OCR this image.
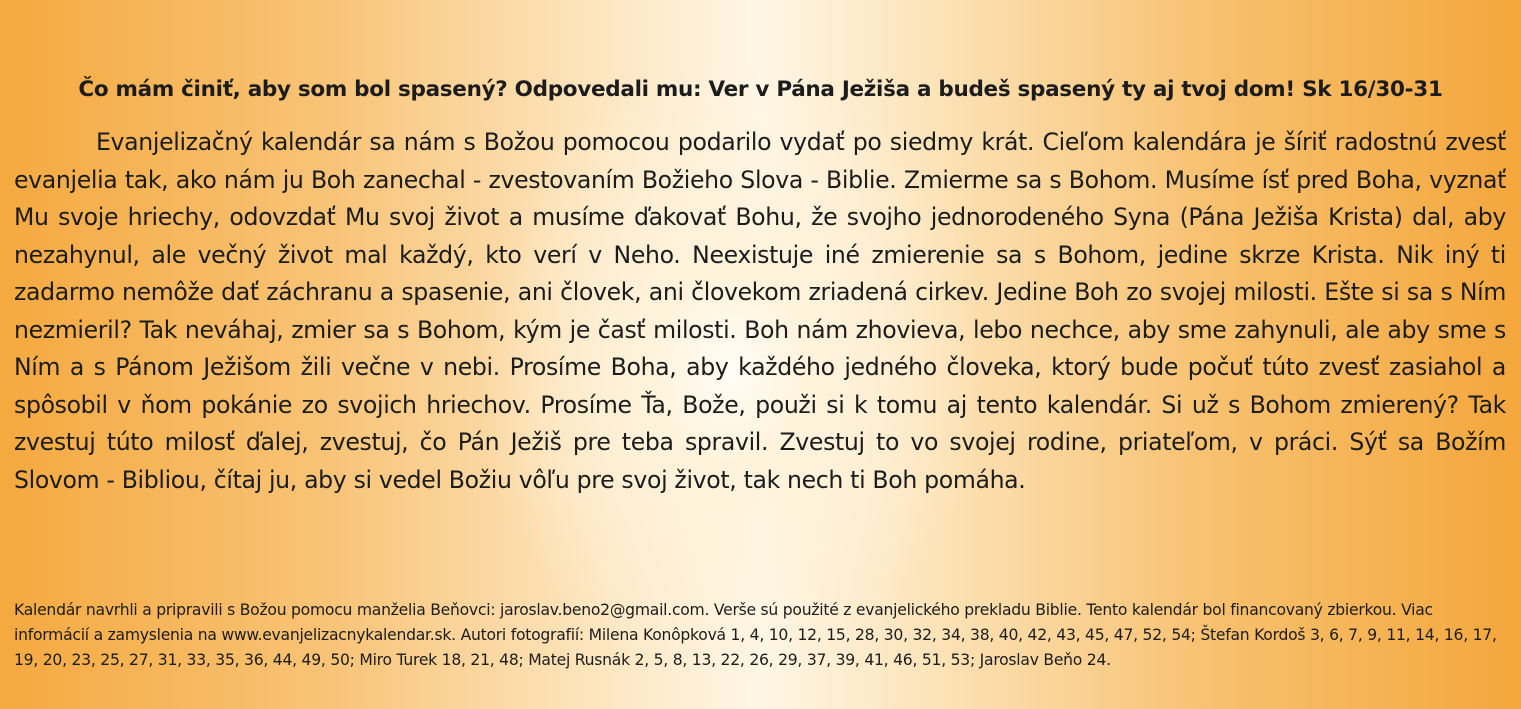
Čo mám činiť, aby som bol spasený? Odpovedali mu: Ver v Pána Ježiša a budeš spasený ty aj tvoj dom! Sk 16/30-31

Evanjelizačný kalendár sa nám s Božou pomocou podarilo vydať po siedmy krát. Cieľom kalendára je šíriť radostnú zvesť evanjelia tak, ako nám ju Boh zanechal - zvestovaním Božieho Slova - Biblie. Zmierme sa s Bohom. Musíme ísť pred Boha, vyznať Mu svoje hriechy, odovzdať Mu svoj život a musíme ďakovať Bohu, že svojho jednorodeného Syna (Pána Ježiša Krista) dal, aby nezahynul, ale večný život mal každý, kto verí v Neho. Neexistuje iné zmierenie sa s Bohom, jedine skrze Krista. Nik iný ti zadarmo nemôže dať záchranu a spasenie, ani človek, ani človekom zriadená cirkev. Jedine Boh zo svojej milosti. Ešte si sa s Ním nezmieril? Tak neváhaj, zmier sa s Bohom, kým je časť milosti. Boh nám zhovieva, lebo nechce, aby sme zahynuli, ale aby sme s Ním a s Pánom Ježišom žili večne v nebi. Prosíme Boha, aby každého jedného človeka, ktorý bude počuť túto zvesť zasiahol a spôsobil v ňom pokánie zo svojich hriechov. Prosíme Ťa, Bože, použi si k tomu aj tento kalendár. Si už s Bohom zmierený? Tak zvestuj túto milosť ďalej, zvestuj, čo Pán Ježiš pre teba spravil. Zvestuj to vo svojej rodine, priateľom, v práci. Sýť sa Božím Slovom - Bibliou, čítaj ju, aby si vedel Božiu vôľu pre svoj život, tak nech ti Boh pomáha.

Kalendár navrhli a pripravili s Božou pomocu manželia Beňovci: jaroslav.beno2@gmail.com. Verše sú použité z evanjelického prekladu Biblie. Tento kalendár bol financovaný zbierkou. Viac informácií a zamyslenia na www.evanjelizacnykalendar.sk. Autori fotografií: Milena Konôpková 1, 4, 10, 12, 15, 28, 30, 32, 34, 38, 40, 42, 43, 45, 47, 52, 54; Štefan Kordoš 3, 6, 7, 9, 11, 14, 16, 17, 19, 20, 23, 25, 27, 31, 33, 35, 36, 44, 49, 50; Miro Turek 18, 21, 48; Matej Rusnák 2, 5, 8, 13, 22, 26, 29, 37, 39, 41, 46, 51, 53; Jaroslav Beňo 24.
